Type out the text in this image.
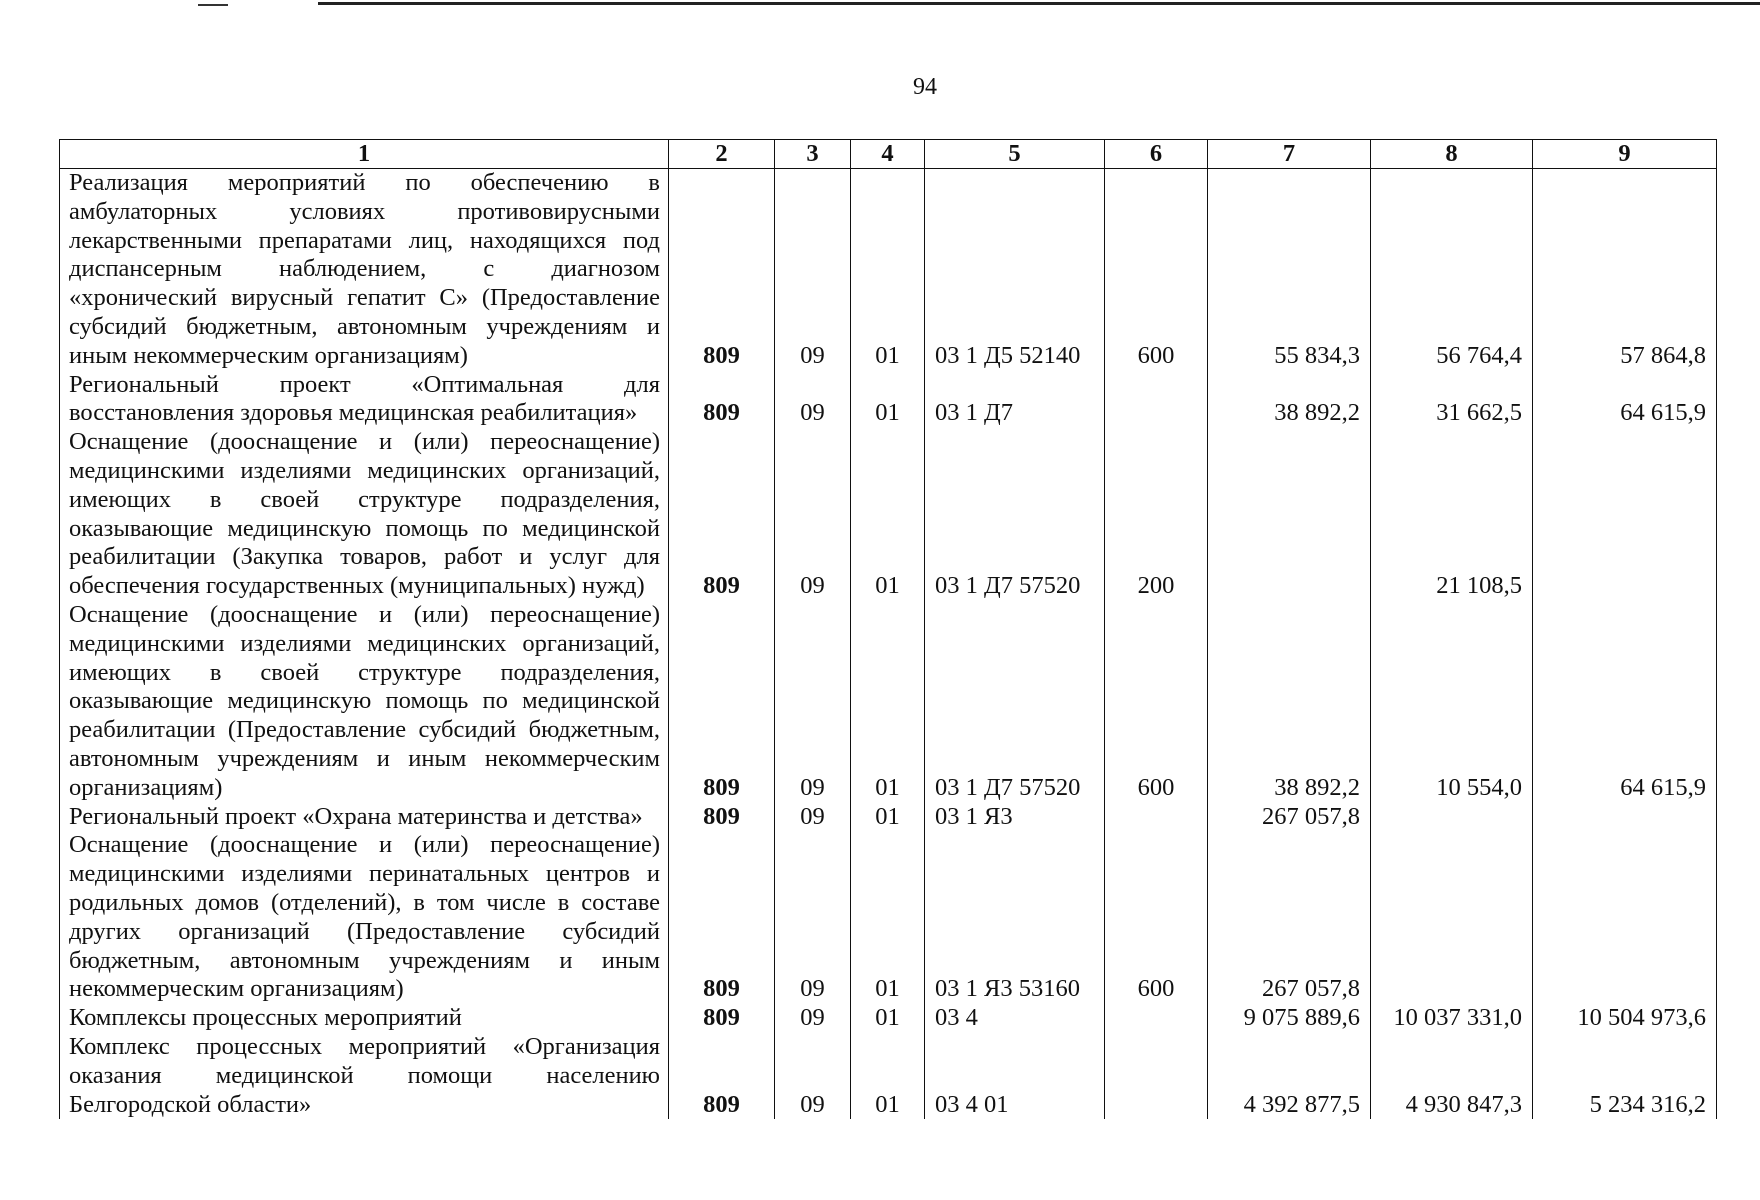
94
1	2	3	4	5	6	7	8	9

Реализация мероприятий по обеспечению в амбулаторных условиях противовирусными лекарственными препаратами лиц, находящихся под диспансерным наблюдением, с диагнозом «хронический вирусный гепатит С» (Предоставление субсидий бюджетным, автономным учреждениям и иным некоммерческим организациям)	809	09	01	03 1 Д5 52140	600	55 834,3	56 764,4	57 864,8

Региональный проект «Оптимальная для восстановления здоровья медицинская реабилитация»	809	09	01	03 1 Д7		38 892,2	31 662,5	64 615,9

Оснащение (дооснащение и (или) переоснащение) медицинскими изделиями медицинских организаций, имеющих в своей структуре подразделения, оказывающие медицинскую помощь по медицинской реабилитации (Закупка товаров, работ и услуг для обеспечения государственных (муниципальных) нужд)	809	09	01	03 1 Д7 57520	200		21 108,5	

Оснащение (дооснащение и (или) переоснащение) медицинскими изделиями медицинских организаций, имеющих в своей структуре подразделения, оказывающие медицинскую помощь по медицинской реабилитации (Предоставление субсидий бюджетным, автономным учреждениям и иным некоммерческим организациям)	809	09	01	03 1 Д7 57520	600	38 892,2	10 554,0	64 615,9

Региональный проект «Охрана материнства и детства»	809	09	01	03 1 Я3		267 057,8		

Оснащение (дооснащение и (или) переоснащение) медицинскими изделиями перинатальных центров и родильных домов (отделений), в том числе в составе других организаций (Предоставление субсидий бюджетным, автономным учреждениям и иным некоммерческим организациям)	809	09	01	03 1 Я3 53160	600	267 057,8		

Комплексы процессных мероприятий	809	09	01	03 4		9 075 889,6	10 037 331,0	10 504 973,6

Комплекс процессных мероприятий «Организация оказания медицинской помощи населению Белгородской области»	809	09	01	03 4 01		4 392 877,5	4 930 847,3	5 234 316,2
